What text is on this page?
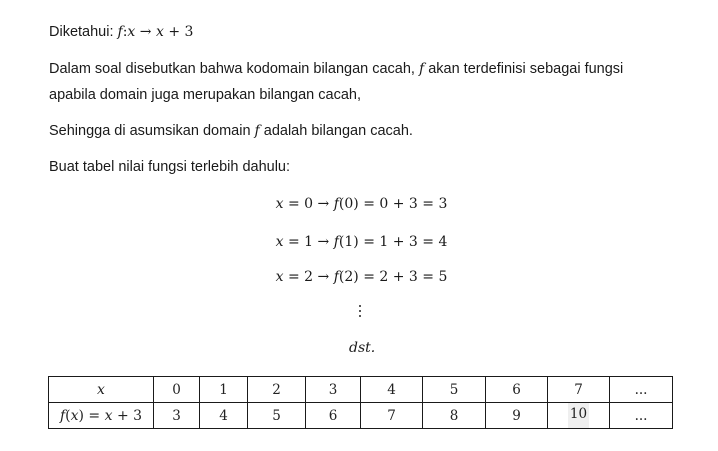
Diketahui: f:x → x + 3
Dalam soal disebutkan bahwa kodomain bilangan cacah, f akan terdefinisi sebagai fungsi
apabila domain juga merupakan bilangan cacah,
Sehingga di asumsikan domain f adalah bilangan cacah.
Buat tabel nilai fungsi terlebih dahulu:
x = 0 → f(0) = 0 + 3 = 3
x = 1 → f(1) = 1 + 3 = 4
x = 2 → f(2) = 2 + 3 = 5
dst.
x	0	1	2	3	4	5	6	7	...
f(x) = x + 3	3	4	5	6	7	8	9	10	...
